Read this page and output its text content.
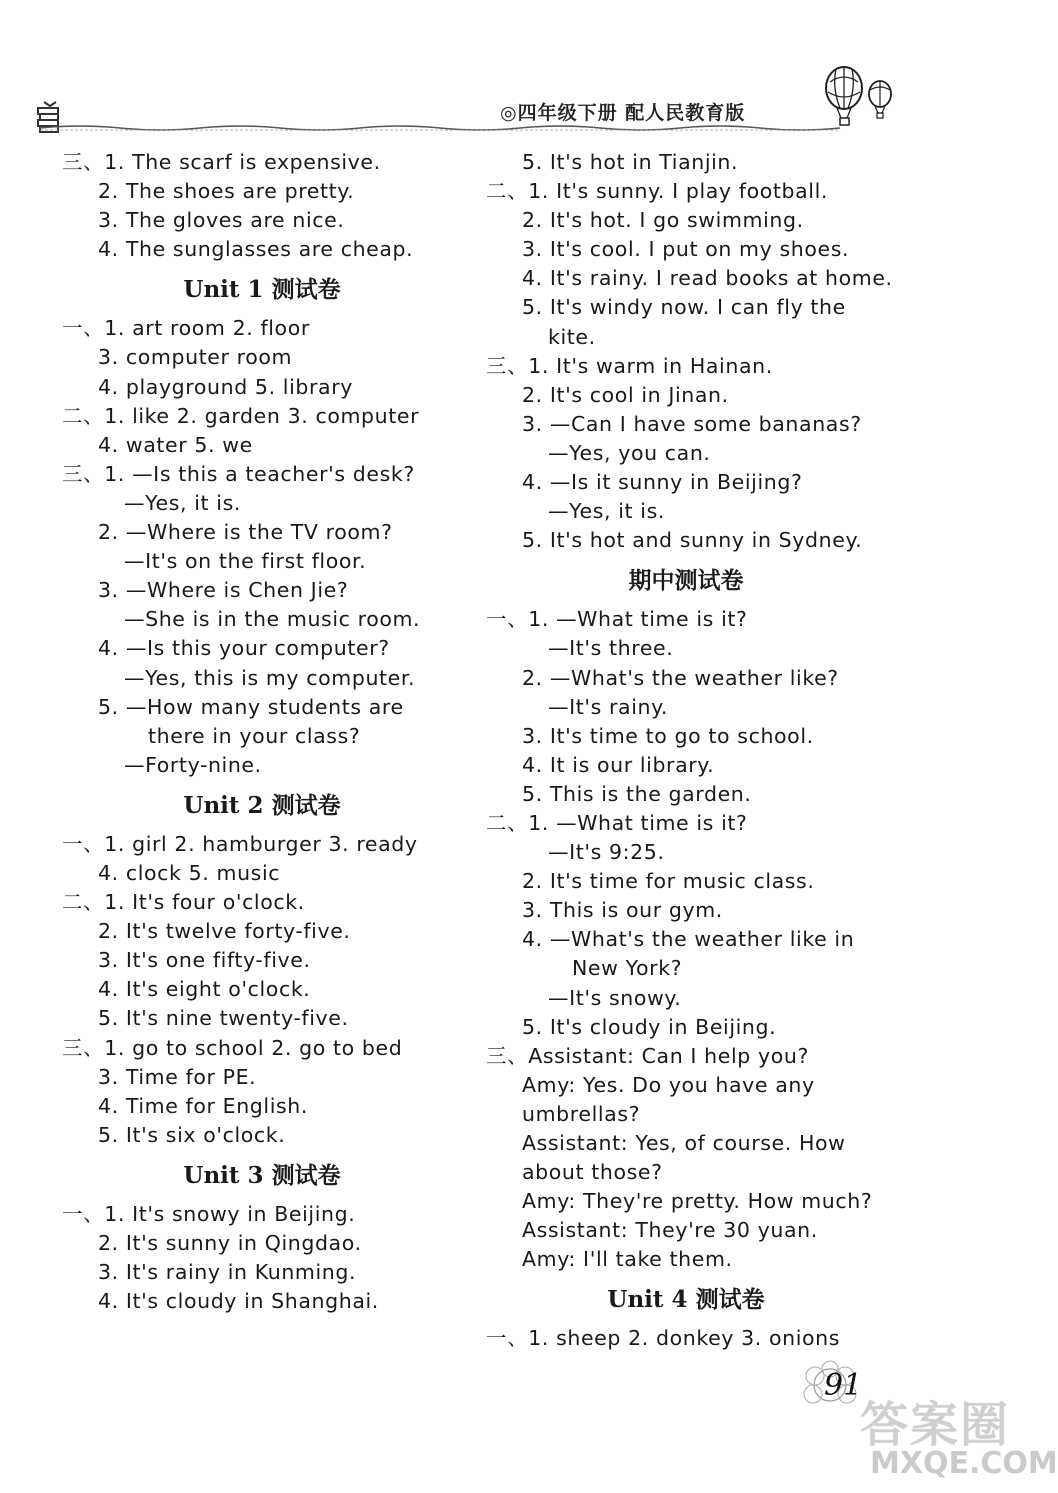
◎四年级下册 配人民教育版
三、1. The scarf is expensive.
2. The shoes are pretty.
3. The gloves are nice.
4. The sunglasses are cheap.
Unit 1 测试卷
一、1. art room 2. floor
3. computer room
4. playground 5. library
二、1. like 2. garden 3. computer
4. water 5. we
三、1. —Is this a teacher's desk?
—Yes, it is.
2. —Where is the TV room?
—It's on the first floor.
3. —Where is Chen Jie?
—She is in the music room.
4. —Is this your computer?
—Yes, this is my computer.
5. —How many students are
there in your class?
—Forty-nine.
Unit 2 测试卷
一、1. girl 2. hamburger 3. ready
4. clock 5. music
二、1. It's four o'clock.
2. It's twelve forty-five.
3. It's one fifty-five.
4. It's eight o'clock.
5. It's nine twenty-five.
三、1. go to school 2. go to bed
3. Time for PE.
4. Time for English.
5. It's six o'clock.
Unit 3 测试卷
一、1. It's snowy in Beijing.
2. It's sunny in Qingdao.
3. It's rainy in Kunming.
4. It's cloudy in Shanghai.
5. It's hot in Tianjin.
二、1. It's sunny. I play football.
2. It's hot. I go swimming.
3. It's cool. I put on my shoes.
4. It's rainy. I read books at home.
5. It's windy now. I can fly the
kite.
三、1. It's warm in Hainan.
2. It's cool in Jinan.
3. —Can I have some bananas?
—Yes, you can.
4. —Is it sunny in Beijing?
—Yes, it is.
5. It's hot and sunny in Sydney.
期中测试卷
一、1. —What time is it?
—It's three.
2. —What's the weather like?
—It's rainy.
3. It's time to go to school.
4. It is our library.
5. This is the garden.
二、1. —What time is it?
—It's 9:25.
2. It's time for music class.
3. This is our gym.
4. —What's the weather like in
New York?
—It's snowy.
5. It's cloudy in Beijing.
三、Assistant: Can I help you?
Amy: Yes. Do you have any
umbrellas?
Assistant: Yes, of course. How
about those?
Amy: They're pretty. How much?
Assistant: They're 30 yuan.
Amy: I'll take them.
Unit 4 测试卷
一、1. sheep 2. donkey 3. onions
91
答案圈
MXQE.COM
